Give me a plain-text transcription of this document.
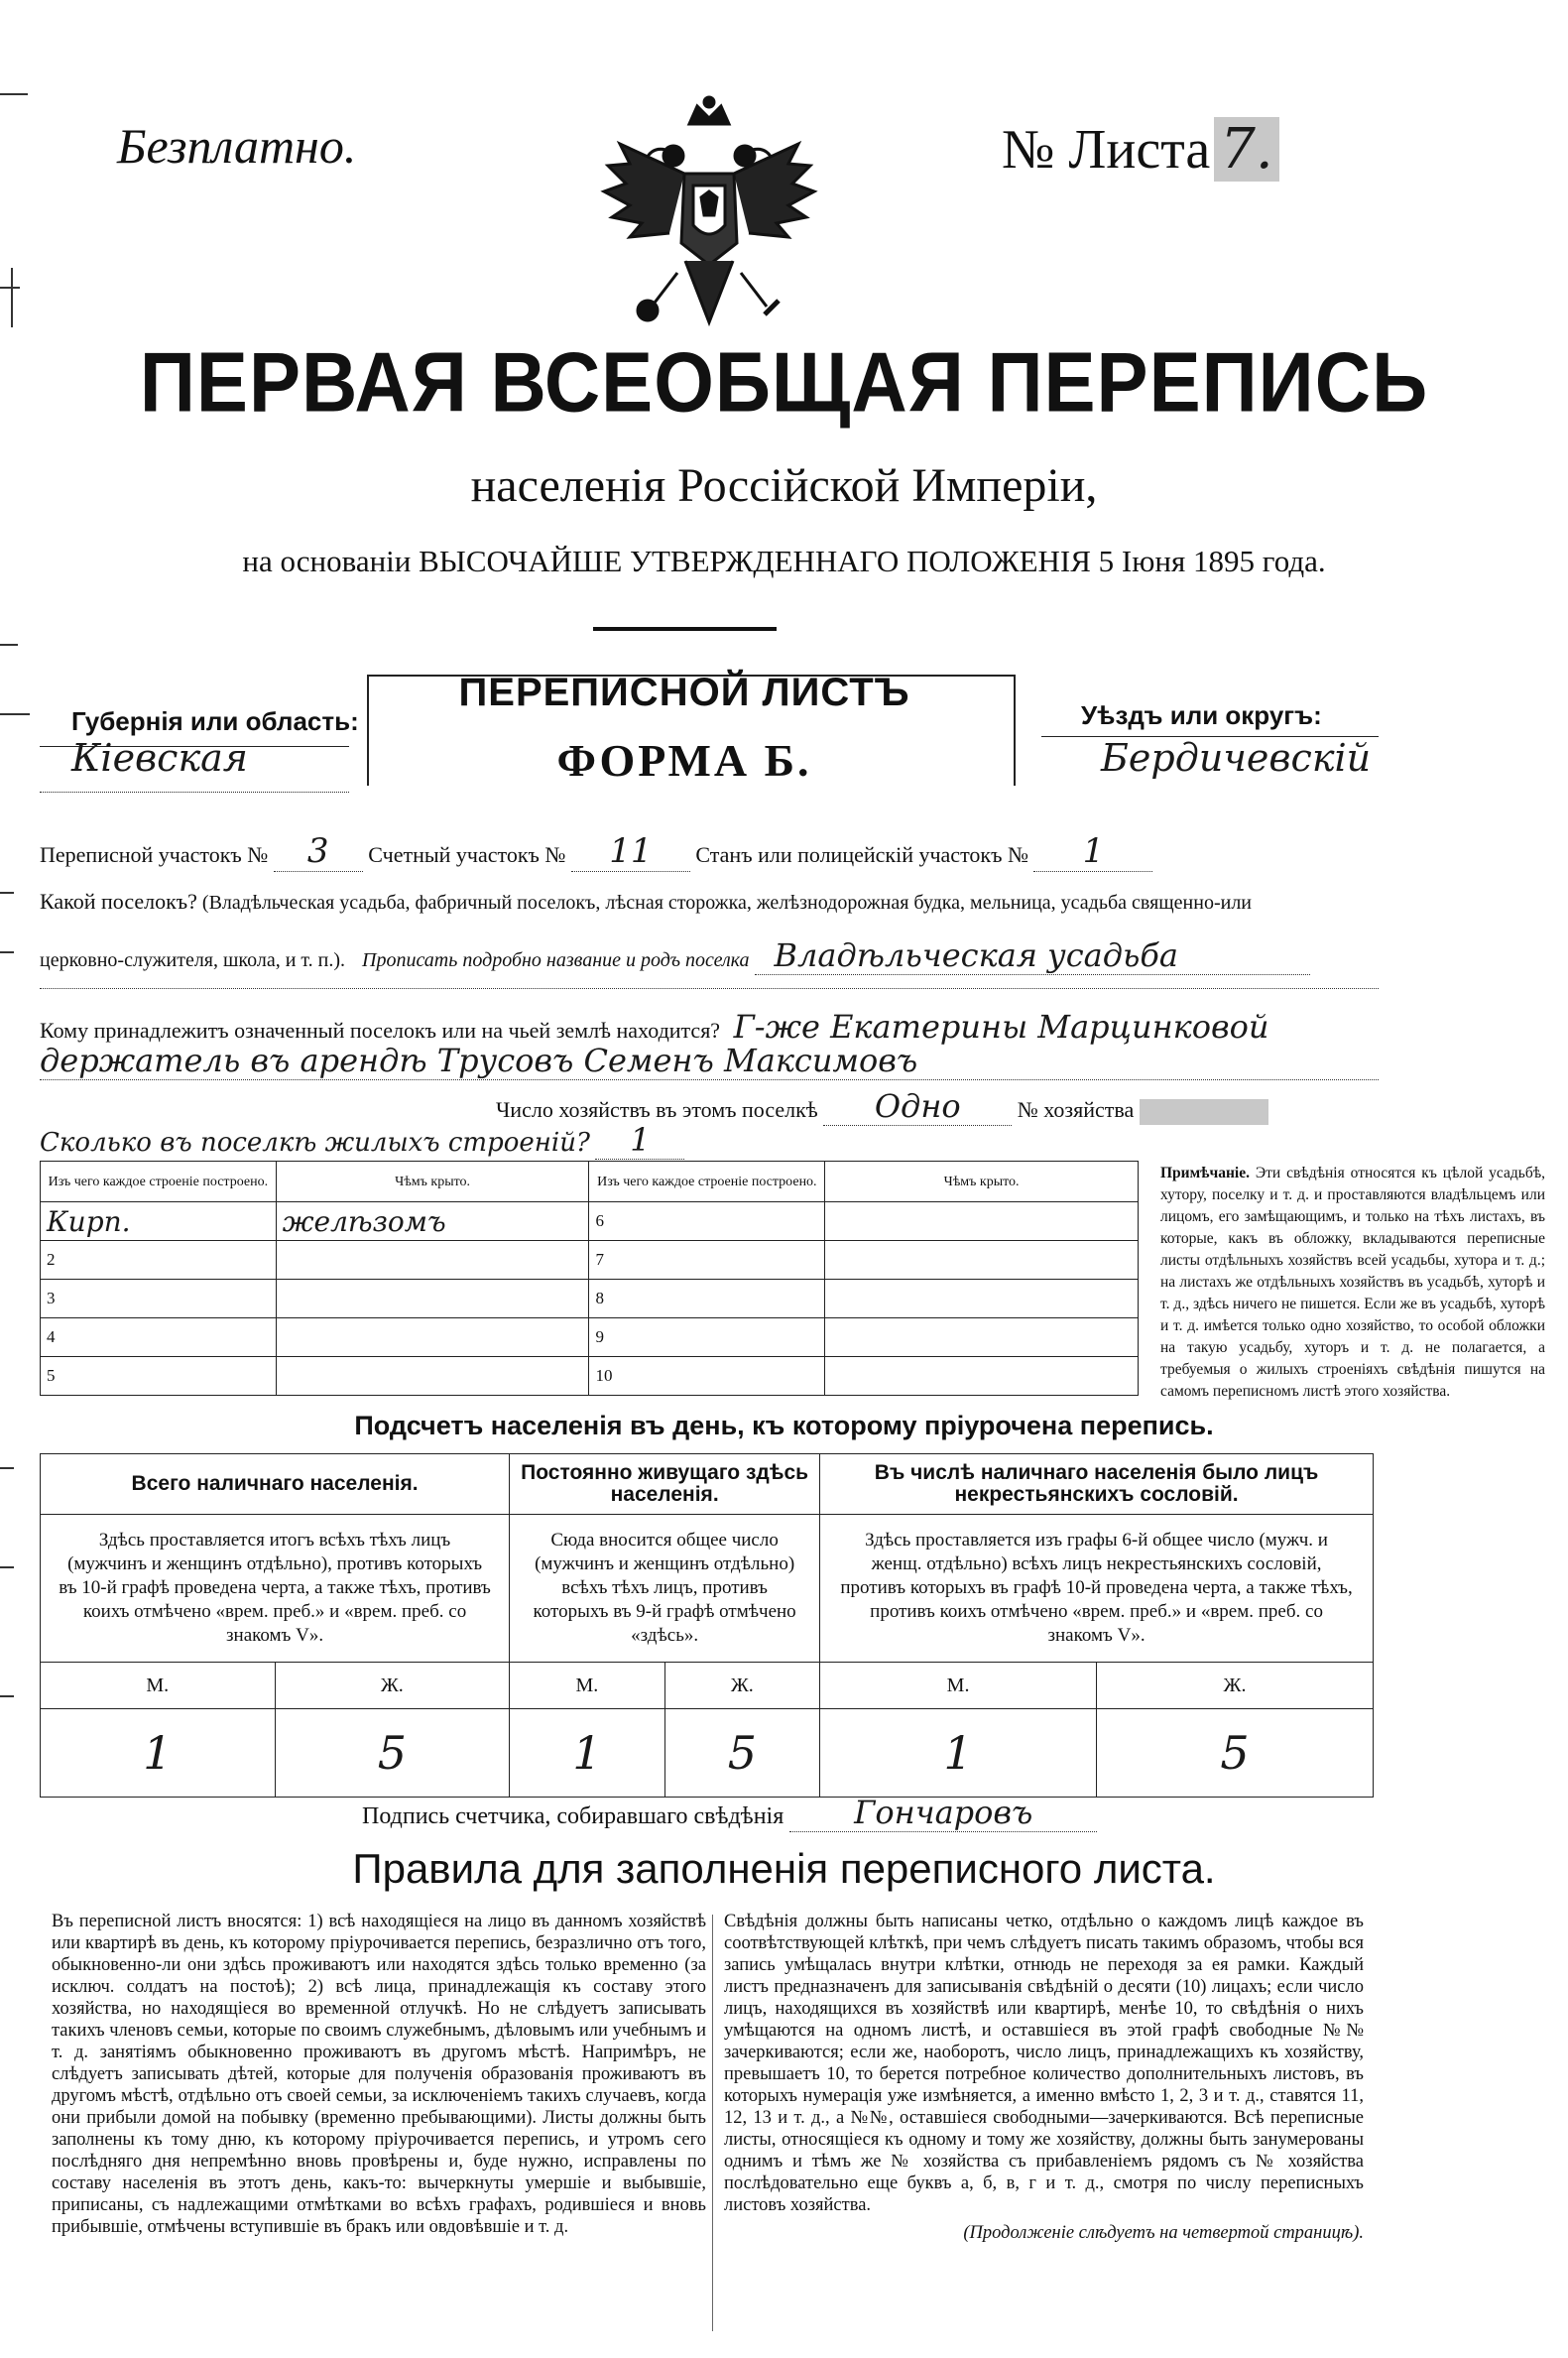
Безплатно.	№ Листа 7.
ПЕРВАЯ ВСЕОБЩАЯ ПЕРЕПИСЬ
населенія Россійской Имперіи,
на основаніи ВЫСОЧАЙШЕ УТВЕРЖДЕННАГО ПОЛОЖЕНІЯ 5 Іюня 1895 года.
Губернія или область:
Кіевская
ПЕРЕПИСНОЙ ЛИСТЪ
ФОРМА Б.
Уѣздъ или округъ:
Бердичевскій
Переписной участокъ № 3 Счетный участокъ № 11 Станъ или полицейскій участокъ № 1
Какой поселокъ? (Владѣльческая усадьба, фабричный поселокъ, лѣсная сторожка, желѣзнодорожная будка, мельница, усадьба священно-или
церковно-служителя, школа, и т. п.). Прописать подробно название и родъ поселка Владѣльческая усадьба
Кому принадлежитъ означенный поселокъ или на чьей землѣ находится? Г-же Екатерины Марцинковой
держатель въ арендѣ Трусовъ Семенъ Максимовъ
Число хозяйствъ въ этомъ поселкѣ Одно	№ хозяйства
Сколько въ поселкѣ жилыхъ строеній? 1
Изъ чего каждое строеніе построено.	Чѣмъ крыто.	Изъ чего каждое строеніе построено.	Чѣмъ крыто.
Кирп.	желѣзомъ	6	
2		7	
3		8	
4		9	
5		10	
Примѣчаніе. Эти свѣдѣнія относятся къ цѣлой усадьбѣ, хутору, поселку и т. д. и проставляются владѣльцемъ или лицомъ, его замѣщающимъ, и только на тѣхъ листахъ, въ которые, какъ въ обложку, вкладываются переписные листы отдѣльныхъ хозяйствъ всей усадьбы, хутора и т. д.; на листахъ же отдѣльныхъ хозяйствъ въ усадьбѣ, хуторѣ и т. д., здѣсь ничего не пишется. Если же въ усадьбѣ, хуторѣ и т. д. имѣется только одно хозяйство, то особой обложки на такую усадьбу, хуторъ и т. д. не полагается, а требуемыя о жилыхъ строеніяхъ свѣдѣнія пишутся на самомъ переписномъ листѣ этого хозяйства.
Подсчетъ населенія въ день, къ которому пріурочена перепись.
Всего наличнаго населенія.		Постоянно живущаго здѣсь населенія.		Въ числѣ наличнаго населенія было лицъ некрестьянскихъ сословій.	
Здѣсь проставляется итогъ всѣхъ тѣхъ лицъ (мужчинъ и женщинъ отдѣльно), противъ которыхъ въ 10-й графѣ проведена черта, а также тѣхъ, противъ коихъ отмѣчено «врем. преб.» и «врем. преб. со знакомъ V».		Сюда вносится общее число (мужчинъ и женщинъ отдѣльно) всѣхъ тѣхъ лицъ, противъ которыхъ въ 9-й графѣ отмѣчено «здѣсь».		Здѣсь проставляется изъ графы 6-й общее число (мужч. и женщ. отдѣльно) всѣхъ лицъ некрестьянскихъ сословій, противъ которыхъ въ графѣ 10-й проведена черта, а также тѣхъ, противъ коихъ отмѣчено «врем. преб.» и «врем. преб. со знакомъ V».	
М.	Ж.	М.	Ж.	М.	Ж.
1	5	1	5	1	5
Подпись счетчика, собиравшаго свѣдѣнія Гончаровъ
Правила для заполненія переписного листа.
Въ переписной листъ вносятся: 1) всѣ находящіеся на лицо въ данномъ хозяйствѣ или квартирѣ въ день, къ которому пріурочивается перепись, безразлично отъ того, обыкновенно-ли они здѣсь проживаютъ или находятся здѣсь только временно (за исключ. солдатъ на постоѣ); 2) всѣ лица, принадлежащія къ составу этого хозяйства, но находящіеся во временной отлучкѣ. Но не слѣдуетъ записывать такихъ членовъ семьи, которые по своимъ служебнымъ, дѣловымъ или учебнымъ и т. д. занятіямъ обыкновенно проживаютъ въ другомъ мѣстѣ. Напримѣръ, не слѣдуетъ записывать дѣтей, которые для полученія образованія проживаютъ въ другомъ мѣстѣ, отдѣльно отъ своей семьи, за исключеніемъ такихъ случаевъ, когда они прибыли домой на побывку (временно пребывающими). Листы должны быть заполнены къ тому дню, къ которому пріурочивается перепись, и утромъ сего послѣдняго дня непремѣнно вновь провѣрены и, буде нужно, исправлены по составу населенія въ этотъ день, какъ-то: вычеркнуты умершіе и выбывшіе, приписаны, съ надлежащими отмѣтками во всѣхъ графахъ, родившіеся и вновь прибывшіе, отмѣчены вступившіе въ бракъ или овдовѣвшіе и т. д.
Свѣдѣнія должны быть написаны четко, отдѣльно о каждомъ лицѣ каждое въ соотвѣтствующей клѣткѣ, при чемъ слѣдуетъ писать такимъ образомъ, чтобы вся запись умѣщалась внутри клѣтки, отнюдь не переходя за ея рамки. Каждый листъ предназначенъ для записыванія свѣдѣній о десяти (10) лицахъ; если число лицъ, находящихся въ хозяйствѣ или квартирѣ, менѣе 10, то свѣдѣнія о нихъ умѣщаются на одномъ листѣ, и оставшіеся въ этой графѣ свободные №№ зачеркиваются; если же, наоборотъ, число лицъ, принадлежащихъ къ хозяйству, превышаетъ 10, то берется потребное количество дополнительныхъ листовъ, въ которыхъ нумерація уже измѣняется, а именно вмѣсто 1, 2, 3 и т. д., ставятся 11, 12, 13 и т. д., а №№, оставшіеся свободными—зачеркиваются. Всѣ переписные листы, относящіеся къ одному и тому же хозяйству, должны быть занумерованы однимъ и тѣмъ же № хозяйства съ прибавленіемъ рядомъ съ № хозяйства послѣдовательно еще буквъ а, б, в, г и т. д., смотря по числу переписныхъ листовъ хозяйства.
(Продолженіе слѣдуетъ на четвертой страницѣ).
